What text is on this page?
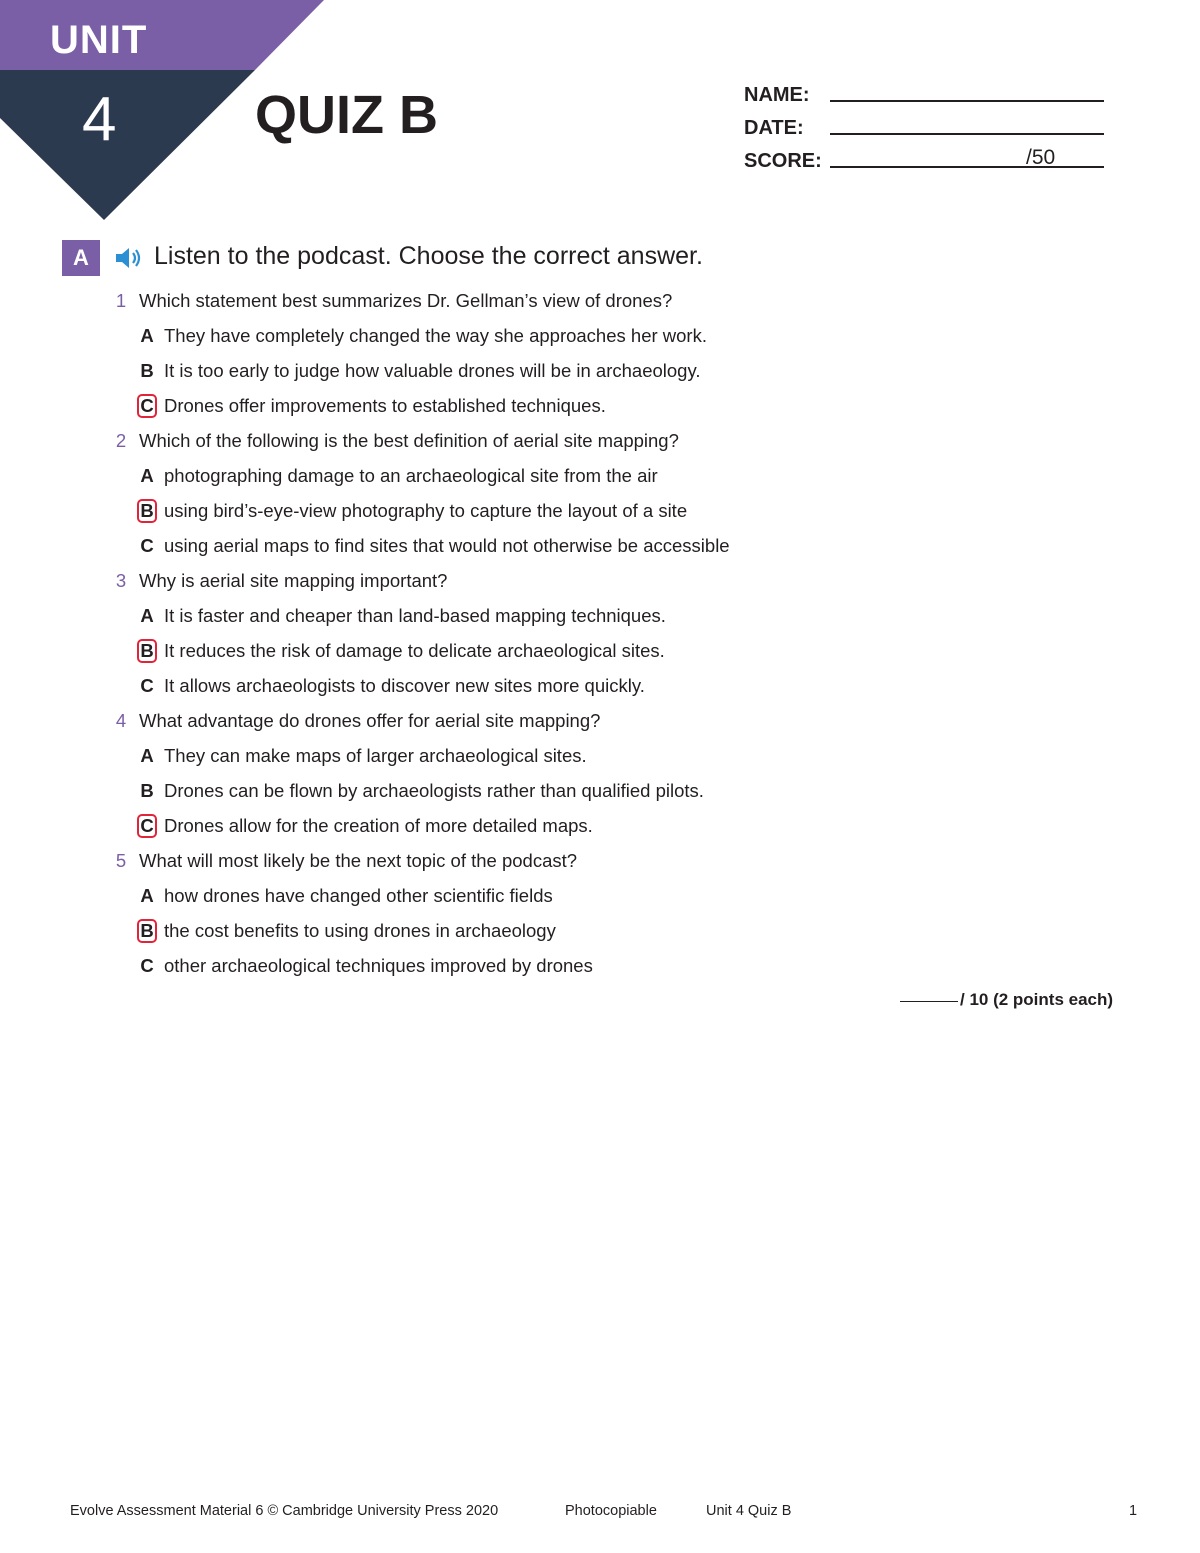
UNIT
4	QUIZ B	NAME:
DATE:
SCORE:	/50
A	Listen to the podcast. Choose the correct answer.
1 Which statement best summarizes Dr. Gellman’s view of drones?
A They have completely changed the way she approaches her work.
B It is too early to judge how valuable drones will be in archaeology.
C Drones offer improvements to established techniques.
2 Which of the following is the best definition of aerial site mapping?
A photographing damage to an archaeological site from the air
B using bird’s-eye-view photography to capture the layout of a site
C using aerial maps to find sites that would not otherwise be accessible
3 Why is aerial site mapping important?
A It is faster and cheaper than land-based mapping techniques.
B It reduces the risk of damage to delicate archaeological sites.
C It allows archaeologists to discover new sites more quickly.
4 What advantage do drones offer for aerial site mapping?
A They can make maps of larger archaeological sites.
B Drones can be flown by archaeologists rather than qualified pilots.
C Drones allow for the creation of more detailed maps.
5 What will most likely be the next topic of the podcast?
A how drones have changed other scientific fields
B the cost benefits to using drones in archaeology
C other archaeological techniques improved by drones
/ 10 (2 points each)
Evolve Assessment Material 6 © Cambridge University Press 2020	Photocopiable	Unit 4 Quiz B	1
